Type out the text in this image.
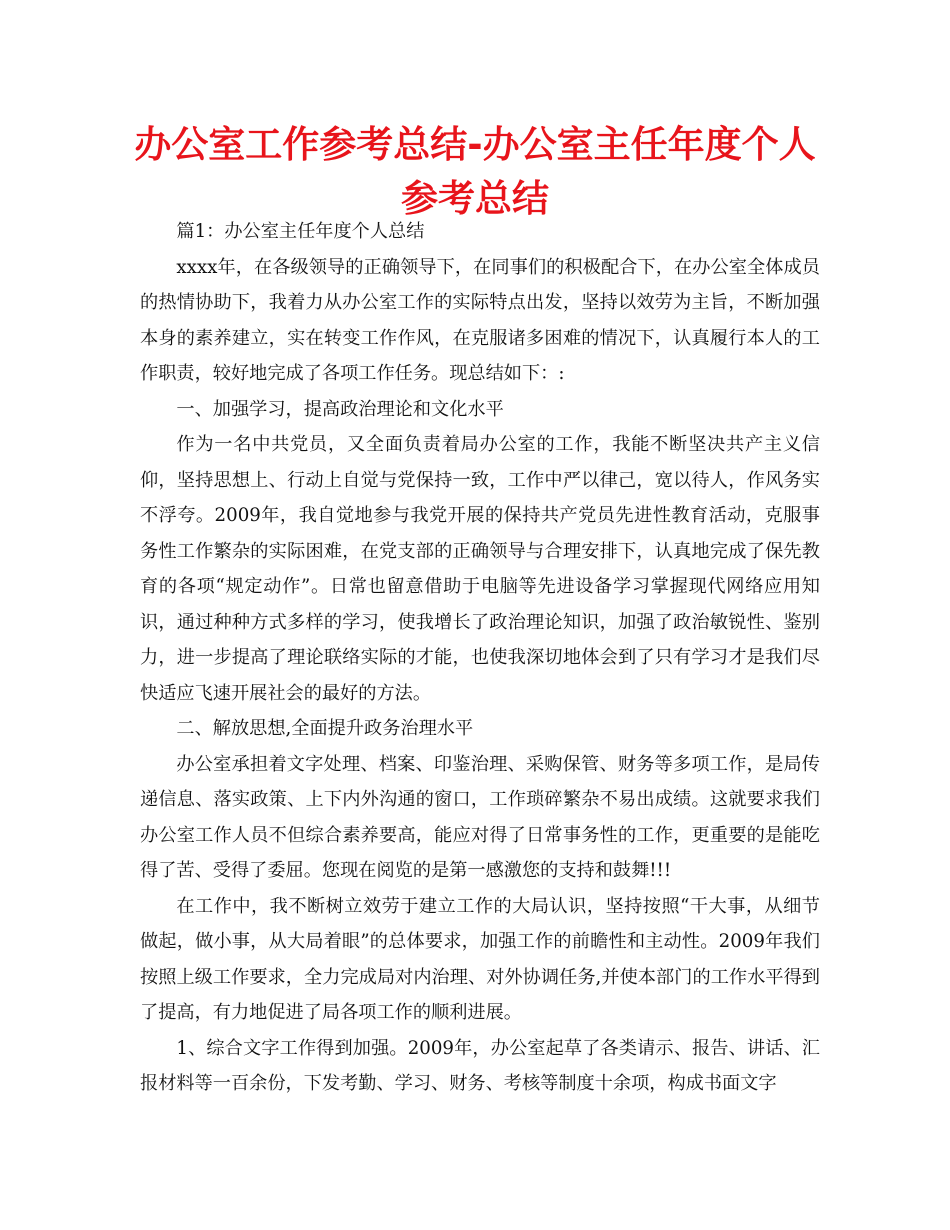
办公室工作参考总结-办公室主任年度个人参考总结

篇1：办公室主任年度个人总结

xxxx年，在各级领导的正确领导下，在同事们的积极配合下，在办公室全体成员的热情协助下，我着力从办公室工作的实际特点出发，坚持以效劳为主旨，不断加强本身的素养建立，实在转变工作作风，在克服诸多困难的情况下，认真履行本人的工作职责，较好地完成了各项工作任务。现总结如下：:

一、加强学习，提高政治理论和文化水平

作为一名中共党员，又全面负责着局办公室的工作，我能不断坚决共产主义信仰，坚持思想上、行动上自觉与党保持一致，工作中严以律己，宽以待人，作风务实不浮夸。2009年，我自觉地参与我党开展的保持共产党员先进性教育活动，克服事务性工作繁杂的实际困难，在党支部的正确领导与合理安排下，认真地完成了保先教育的各项“规定动作”。日常也留意借助于电脑等先进设备学习掌握现代网络应用知识，通过种种方式多样的学习，使我增长了政治理论知识，加强了政治敏锐性、鉴别力，进一步提高了理论联络实际的才能，也使我深切地体会到了只有学习才是我们尽快适应飞速开展社会的最好的方法。

二、解放思想,全面提升政务治理水平

办公室承担着文字处理、档案、印鉴治理、采购保管、财务等多项工作，是局传递信息、落实政策、上下内外沟通的窗口，工作琐碎繁杂不易出成绩。这就要求我们办公室工作人员不但综合素养要高，能应对得了日常事务性的工作，更重要的是能吃得了苦、受得了委屈。您现在阅览的是第一感激您的支持和鼓舞!!!

在工作中，我不断树立效劳于建立工作的大局认识，坚持按照“干大事，从细节做起，做小事，从大局着眼”的总体要求，加强工作的前瞻性和主动性。2009年我们按照上级工作要求，全力完成局对内治理、对外协调任务,并使本部门的工作水平得到了提高，有力地促进了局各项工作的顺利进展。

1、综合文字工作得到加强。2009年，办公室起草了各类请示、报告、讲话、汇报材料等一百余份，下发考勤、学习、财务、考核等制度十余项，构成书面文字
